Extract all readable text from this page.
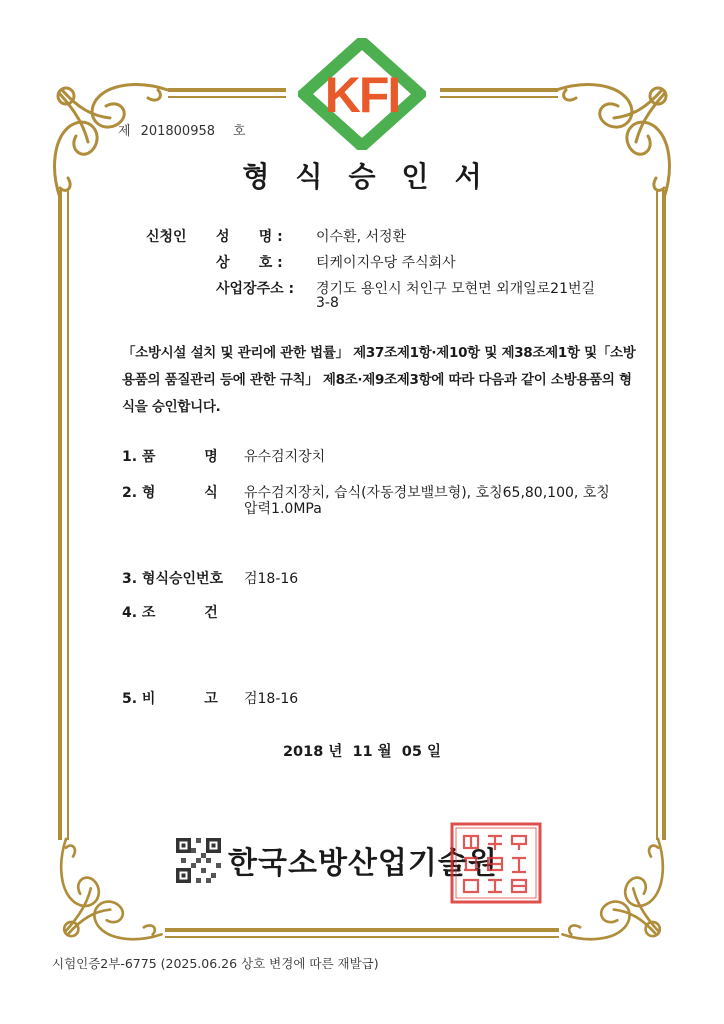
KFI
제 201800958 호
형식승인서
신청인 성      명 : 이수환, 서정환
상      호 : 티케이지우당 주식회사
사업장주소 : 경기도 용인시 처인구 모현면 외개일로21번길
3-8
「소방시설 설치 및 관리에 관한 법률」 제37조제1항·제10항 및 제38조제1항 및「소방
용품의 품질관리 등에 관한 규칙」 제8조·제9조제3항에 따라 다음과 같이 소방용품의 형
식을 승인합니다.
1. 품          명 유수검지장치
2. 형          식 유수검지장치, 습식(자동경보밸브형), 호칭65,80,100, 호칭
압력1.0MPa
3. 형식승인번호 검18-16
4. 조          건
5. 비          고 검18-16
2018 년  11 월  05 일
한국소방산업기술원
시험인증2부-6775 (2025.06.26 상호 변경에 따른 재발급)
